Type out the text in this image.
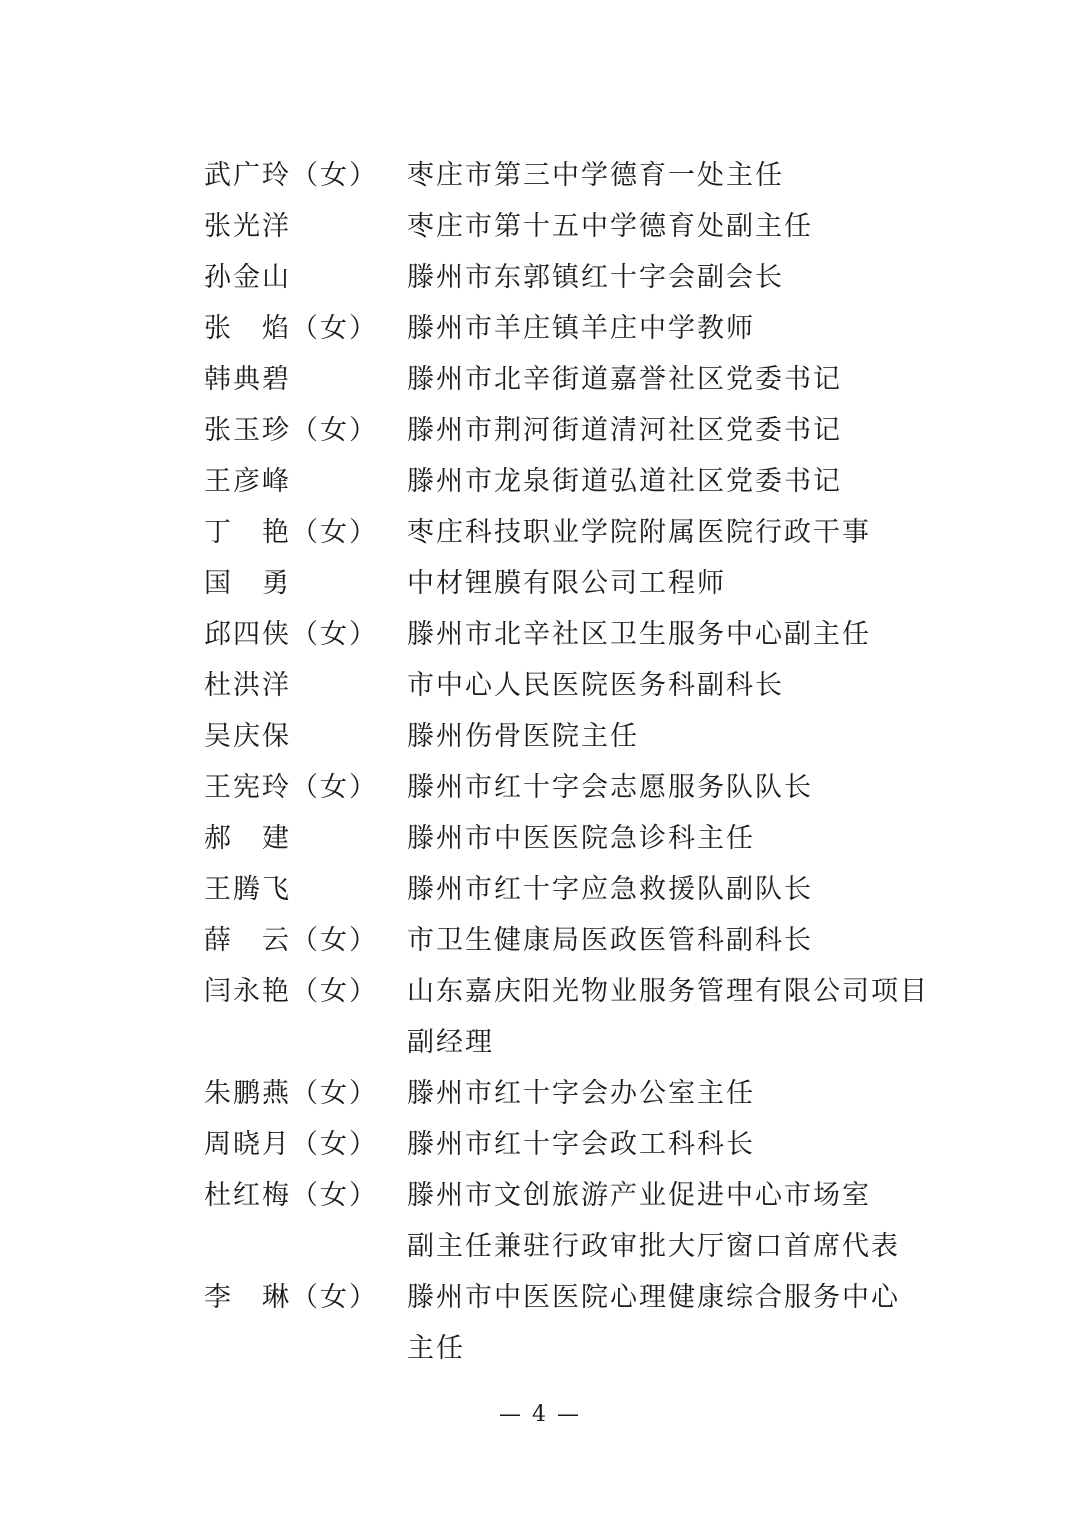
武广玲（女） 枣庄市第三中学德育一处主任
张光洋	枣庄市第十五中学德育处副主任
孙金山	滕州市东郭镇红十字会副会长
张　焰（女） 滕州市羊庄镇羊庄中学教师
韩典碧	滕州市北辛街道嘉誉社区党委书记
张玉珍（女） 滕州市荆河街道清河社区党委书记
王彦峰	滕州市龙泉街道弘道社区党委书记
丁　艳（女） 枣庄科技职业学院附属医院行政干事
国　勇	中材锂膜有限公司工程师
邱四侠（女） 滕州市北辛社区卫生服务中心副主任
杜洪洋	市中心人民医院医务科副科长
吴庆保	滕州伤骨医院主任
王宪玲（女） 滕州市红十字会志愿服务队队长
郝　建	滕州市中医医院急诊科主任
王腾飞	滕州市红十字应急救援队副队长
薛　云（女） 市卫生健康局医政医管科副科长
闫永艳（女） 山东嘉庆阳光物业服务管理有限公司项目
副经理
朱鹏燕（女） 滕州市红十字会办公室主任
周晓月（女） 滕州市红十字会政工科科长
杜红梅（女） 滕州市文创旅游产业促进中心市场室
副主任兼驻行政审批大厅窗口首席代表
李　琳（女） 滕州市中医医院心理健康综合服务中心
主任
— 4 —
